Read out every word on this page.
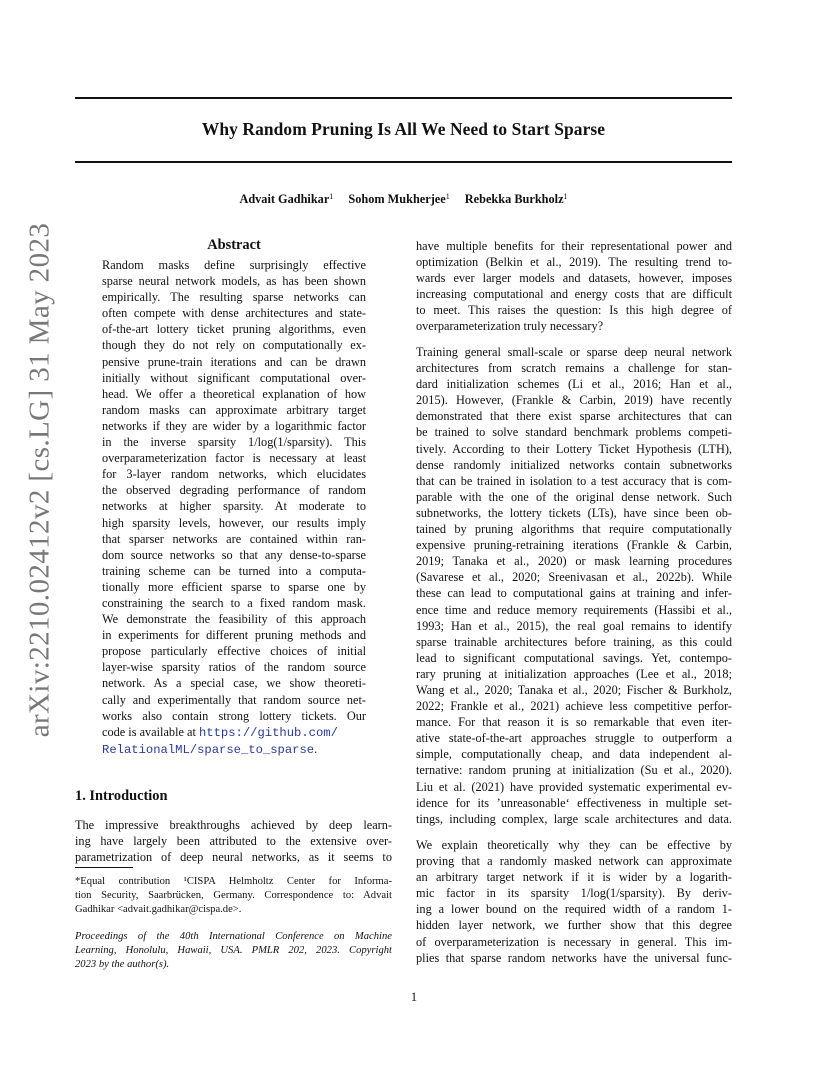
Why Random Pruning Is All We Need to Start Sparse
Advait Gadhikar$^1$ Sohom Mukherjee$^1$ Rebekka Burkholz$^1$
arXiv:2210.02412v2 [cs.LG] 31 May 2023	Abstract
Random masks define surprisingly effective
sparse neural network models, as has been shown
empirically. The resulting sparse networks can
often compete with dense architectures and state-
of-the-art lottery ticket pruning algorithms, even
though they do not rely on computationally ex-
pensive prune-train iterations and can be drawn
initially without significant computational over-
head. We offer a theoretical explanation of how
random masks can approximate arbitrary target
networks if they are wider by a logarithmic factor
in the inverse sparsity 1/log(1/sparsity). This
overparameterization factor is necessary at least
for 3-layer random networks, which elucidates
the observed degrading performance of random
networks at higher sparsity. At moderate to
high sparsity levels, however, our results imply
that sparser networks are contained within ran-
dom source networks so that any dense-to-sparse
training scheme can be turned into a computa-
tionally more efficient sparse to sparse one by
constraining the search to a fixed random mask.
We demonstrate the feasibility of this approach
in experiments for different pruning methods and
propose particularly effective choices of initial
layer-wise sparsity ratios of the random source
network. As a special case, we show theoreti-
cally and experimentally that random source net-
works also contain strong lottery tickets. Our
code is available at https://github.com/
RelationalML/sparse_to_sparse.
1. Introduction
The impressive breakthroughs achieved by deep learn-
ing have largely been attributed to the extensive over-
parametrization of deep neural networks, as it seems to
*Equal contribution ¹CISPA Helmholtz Center for Informa-
tion Security, Saarbrücken, Germany. Correspondence to: Advait
Gadhikar <advait.gadhikar@cispa.de>.
Proceedings of the 40th International Conference on Machine
Learning, Honolulu, Hawaii, USA. PMLR 202, 2023. Copyright
2023 by the author(s).
have multiple benefits for their representational power and
optimization (Belkin et al., 2019). The resulting trend to-
wards ever larger models and datasets, however, imposes
increasing computational and energy costs that are difficult
to meet. This raises the question: Is this high degree of
overparameterization truly necessary?
Training general small-scale or sparse deep neural network
architectures from scratch remains a challenge for stan-
dard initialization schemes (Li et al., 2016; Han et al.,
2015). However, (Frankle & Carbin, 2019) have recently
demonstrated that there exist sparse architectures that can
be trained to solve standard benchmark problems competi-
tively. According to their Lottery Ticket Hypothesis (LTH),
dense randomly initialized networks contain subnetworks
that can be trained in isolation to a test accuracy that is com-
parable with the one of the original dense network. Such
subnetworks, the lottery tickets (LTs), have since been ob-
tained by pruning algorithms that require computationally
expensive pruning-retraining iterations (Frankle & Carbin,
2019; Tanaka et al., 2020) or mask learning procedures
(Savarese et al., 2020; Sreenivasan et al., 2022b). While
these can lead to computational gains at training and infer-
ence time and reduce memory requirements (Hassibi et al.,
1993; Han et al., 2015), the real goal remains to identify
sparse trainable architectures before training, as this could
lead to significant computational savings. Yet, contempo-
rary pruning at initialization approaches (Lee et al., 2018;
Wang et al., 2020; Tanaka et al., 2020; Fischer & Burkholz,
2022; Frankle et al., 2021) achieve less competitive perfor-
mance. For that reason it is so remarkable that even iter-
ative state-of-the-art approaches struggle to outperform a
simple, computationally cheap, and data independent al-
ternative: random pruning at initialization (Su et al., 2020).
Liu et al. (2021) have provided systematic experimental ev-
idence for its ’unreasonable‘ effectiveness in multiple set-
tings, including complex, large scale architectures and data.
We explain theoretically why they can be effective by
proving that a randomly masked network can approximate
an arbitrary target network if it is wider by a logarith-
mic factor in its sparsity 1/log(1/sparsity). By deriv-
ing a lower bound on the required width of a random 1-
hidden layer network, we further show that this degree
of overparameterization is necessary in general. This im-
plies that sparse random networks have the universal func-
1
